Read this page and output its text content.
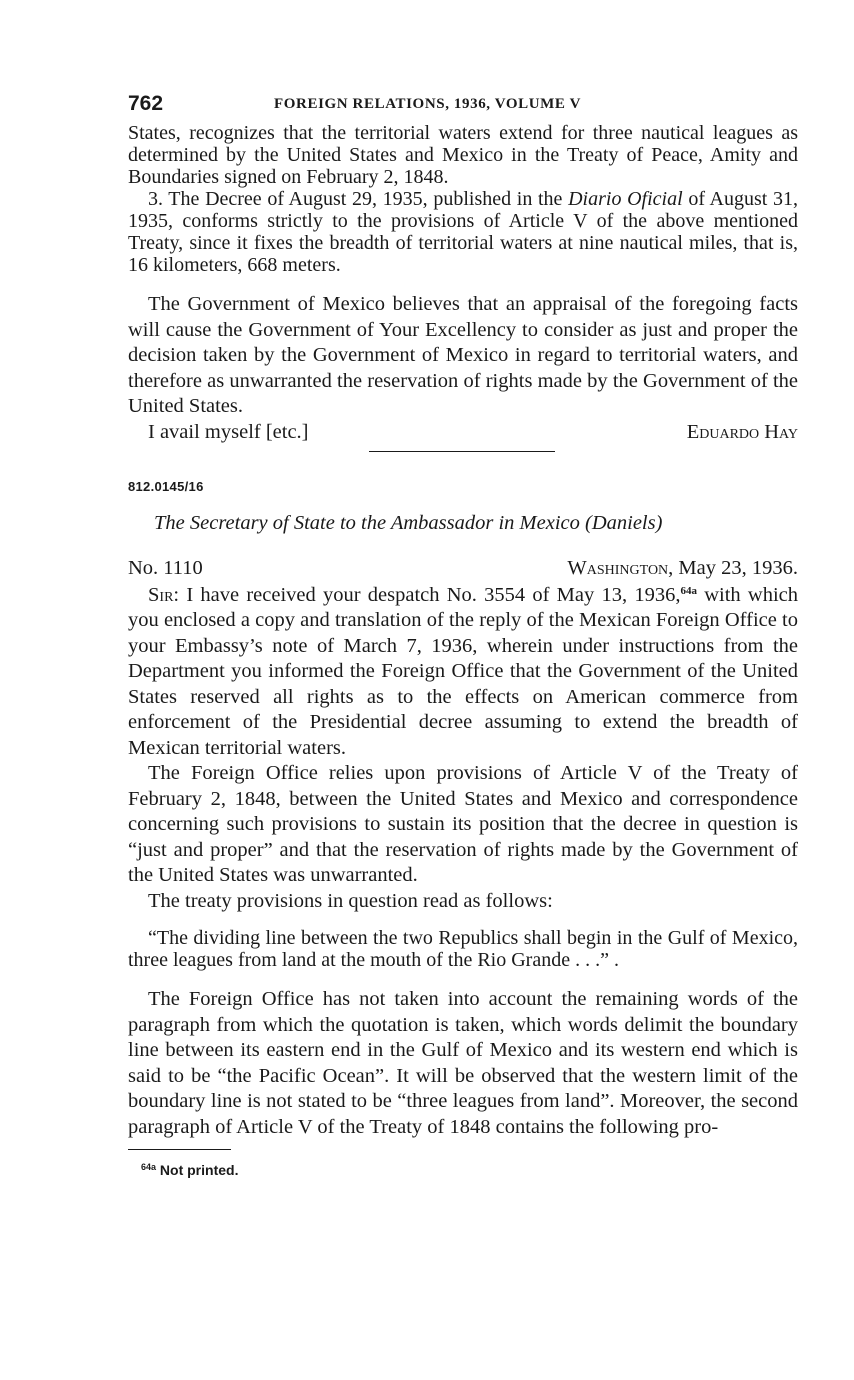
762	FOREIGN RELATIONS, 1936, VOLUME V

States, recognizes that the territorial waters extend for three nautical leagues as determined by the United States and Mexico in the Treaty of Peace, Amity and Boundaries signed on February 2, 1848.

3. The Decree of August 29, 1935, published in the Diario Oficial of August 31, 1935, conforms strictly to the provisions of Article V of the above mentioned Treaty, since it fixes the breadth of territorial waters at nine nautical miles, that is, 16 kilometers, 668 meters.

The Government of Mexico believes that an appraisal of the foregoing facts will cause the Government of Your Excellency to consider as just and proper the decision taken by the Government of Mexico in regard to territorial waters, and therefore as unwarranted the reservation of rights made by the Government of the United States.

I avail myself [etc.]	Eduardo Hay
812.0145/16
The Secretary of State to the Ambassador in Mexico (Daniels)
No. 1110	Washington, May 23, 1936.

Sir: I have received your despatch No. 3554 of May 13, 1936,$^{64a}$ with which you enclosed a copy and translation of the reply of the Mexican Foreign Office to your Embassy’s note of March 7, 1936, wherein under instructions from the Department you informed the Foreign Office that the Government of the United States reserved all rights as to the effects on American commerce from enforcement of the Presidential decree assuming to extend the breadth of Mexican territorial waters.

The Foreign Office relies upon provisions of Article V of the Treaty of February 2, 1848, between the United States and Mexico and correspondence concerning such provisions to sustain its position that the decree in question is “just and proper” and that the reservation of rights made by the Government of the United States was unwarranted.

The treaty provisions in question read as follows:

“The dividing line between the two Republics shall begin in the Gulf of Mexico, three leagues from land at the mouth of the Rio Grande . . .” .

The Foreign Office has not taken into account the remaining words of the paragraph from which the quotation is taken, which words delimit the boundary line between its eastern end in the Gulf of Mexico and its western end which is said to be “the Pacific Ocean”. It will be observed that the western limit of the boundary line is not stated to be “three leagues from land”. Moreover, the second paragraph of Article V of the Treaty of 1848 contains the following pro-

$^{64a}$ Not printed.
